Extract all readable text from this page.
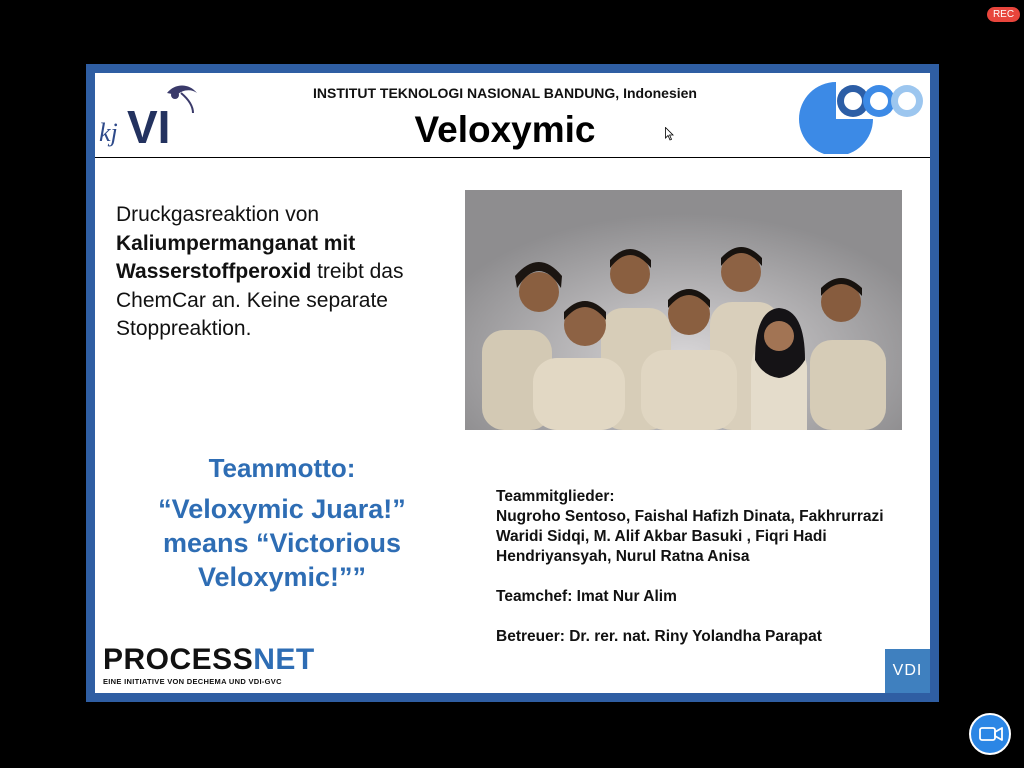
REC
kj VI
INSTITUT TEKNOLOGI NASIONAL BANDUNG, Indonesien
Veloxymic
Druckgasreaktion von Kaliumpermanganat mit Wasserstoffperoxid treibt das ChemCar an. Keine separate Stoppreaktion.
Teammotto:
“Veloxymic Juara!”
means “Victorious
Veloxymic!””
Teammitglieder:
Nugroho Sentoso, Faishal Hafizh Dinata, Fakhrurrazi
Waridi Sidqi, M. Alif Akbar Basuki , Fiqri Hadi
Hendriyansyah, Nurul Ratna Anisa
Teamchef: Imat Nur Alim
Betreuer: Dr. rer. nat. Riny Yolandha Parapat
PROCESSNET
EINE INITIATIVE VON DECHEMA UND VDI-GVC
VDI
